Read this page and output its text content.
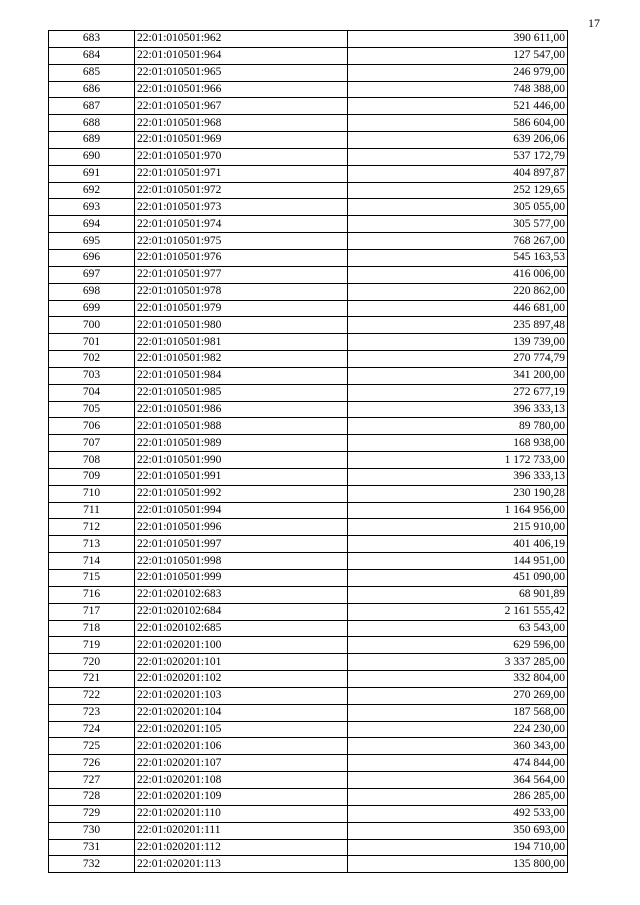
17
683	22:01:010501:962	390 611,00
684	22:01:010501:964	127 547,00
685	22:01:010501:965	246 979,00
686	22:01:010501:966	748 388,00
687	22:01:010501:967	521 446,00
688	22:01:010501:968	586 604,00
689	22:01:010501:969	639 206,06
690	22:01:010501:970	537 172,79
691	22:01:010501:971	404 897,87
692	22:01:010501:972	252 129,65
693	22:01:010501:973	305 055,00
694	22:01:010501:974	305 577,00
695	22:01:010501:975	768 267,00
696	22:01:010501:976	545 163,53
697	22:01:010501:977	416 006,00
698	22:01:010501:978	220 862,00
699	22:01:010501:979	446 681,00
700	22:01:010501:980	235 897,48
701	22:01:010501:981	139 739,00
702	22:01:010501:982	270 774,79
703	22:01:010501:984	341 200,00
704	22:01:010501:985	272 677,19
705	22:01:010501:986	396 333,13
706	22:01:010501:988	89 780,00
707	22:01:010501:989	168 938,00
708	22:01:010501:990	1 172 733,00
709	22:01:010501:991	396 333,13
710	22:01:010501:992	230 190,28
711	22:01:010501:994	1 164 956,00
712	22:01:010501:996	215 910,00
713	22:01:010501:997	401 406,19
714	22:01:010501:998	144 951,00
715	22:01:010501:999	451 090,00
716	22:01:020102:683	68 901,89
717	22:01:020102:684	2 161 555,42
718	22:01:020102:685	63 543,00
719	22:01:020201:100	629 596,00
720	22:01:020201:101	3 337 285,00
721	22:01:020201:102	332 804,00
722	22:01:020201:103	270 269,00
723	22:01:020201:104	187 568,00
724	22:01:020201:105	224 230,00
725	22:01:020201:106	360 343,00
726	22:01:020201:107	474 844,00
727	22:01:020201:108	364 564,00
728	22:01:020201:109	286 285,00
729	22:01:020201:110	492 533,00
730	22:01:020201:111	350 693,00
731	22:01:020201:112	194 710,00
732	22:01:020201:113	135 800,00
